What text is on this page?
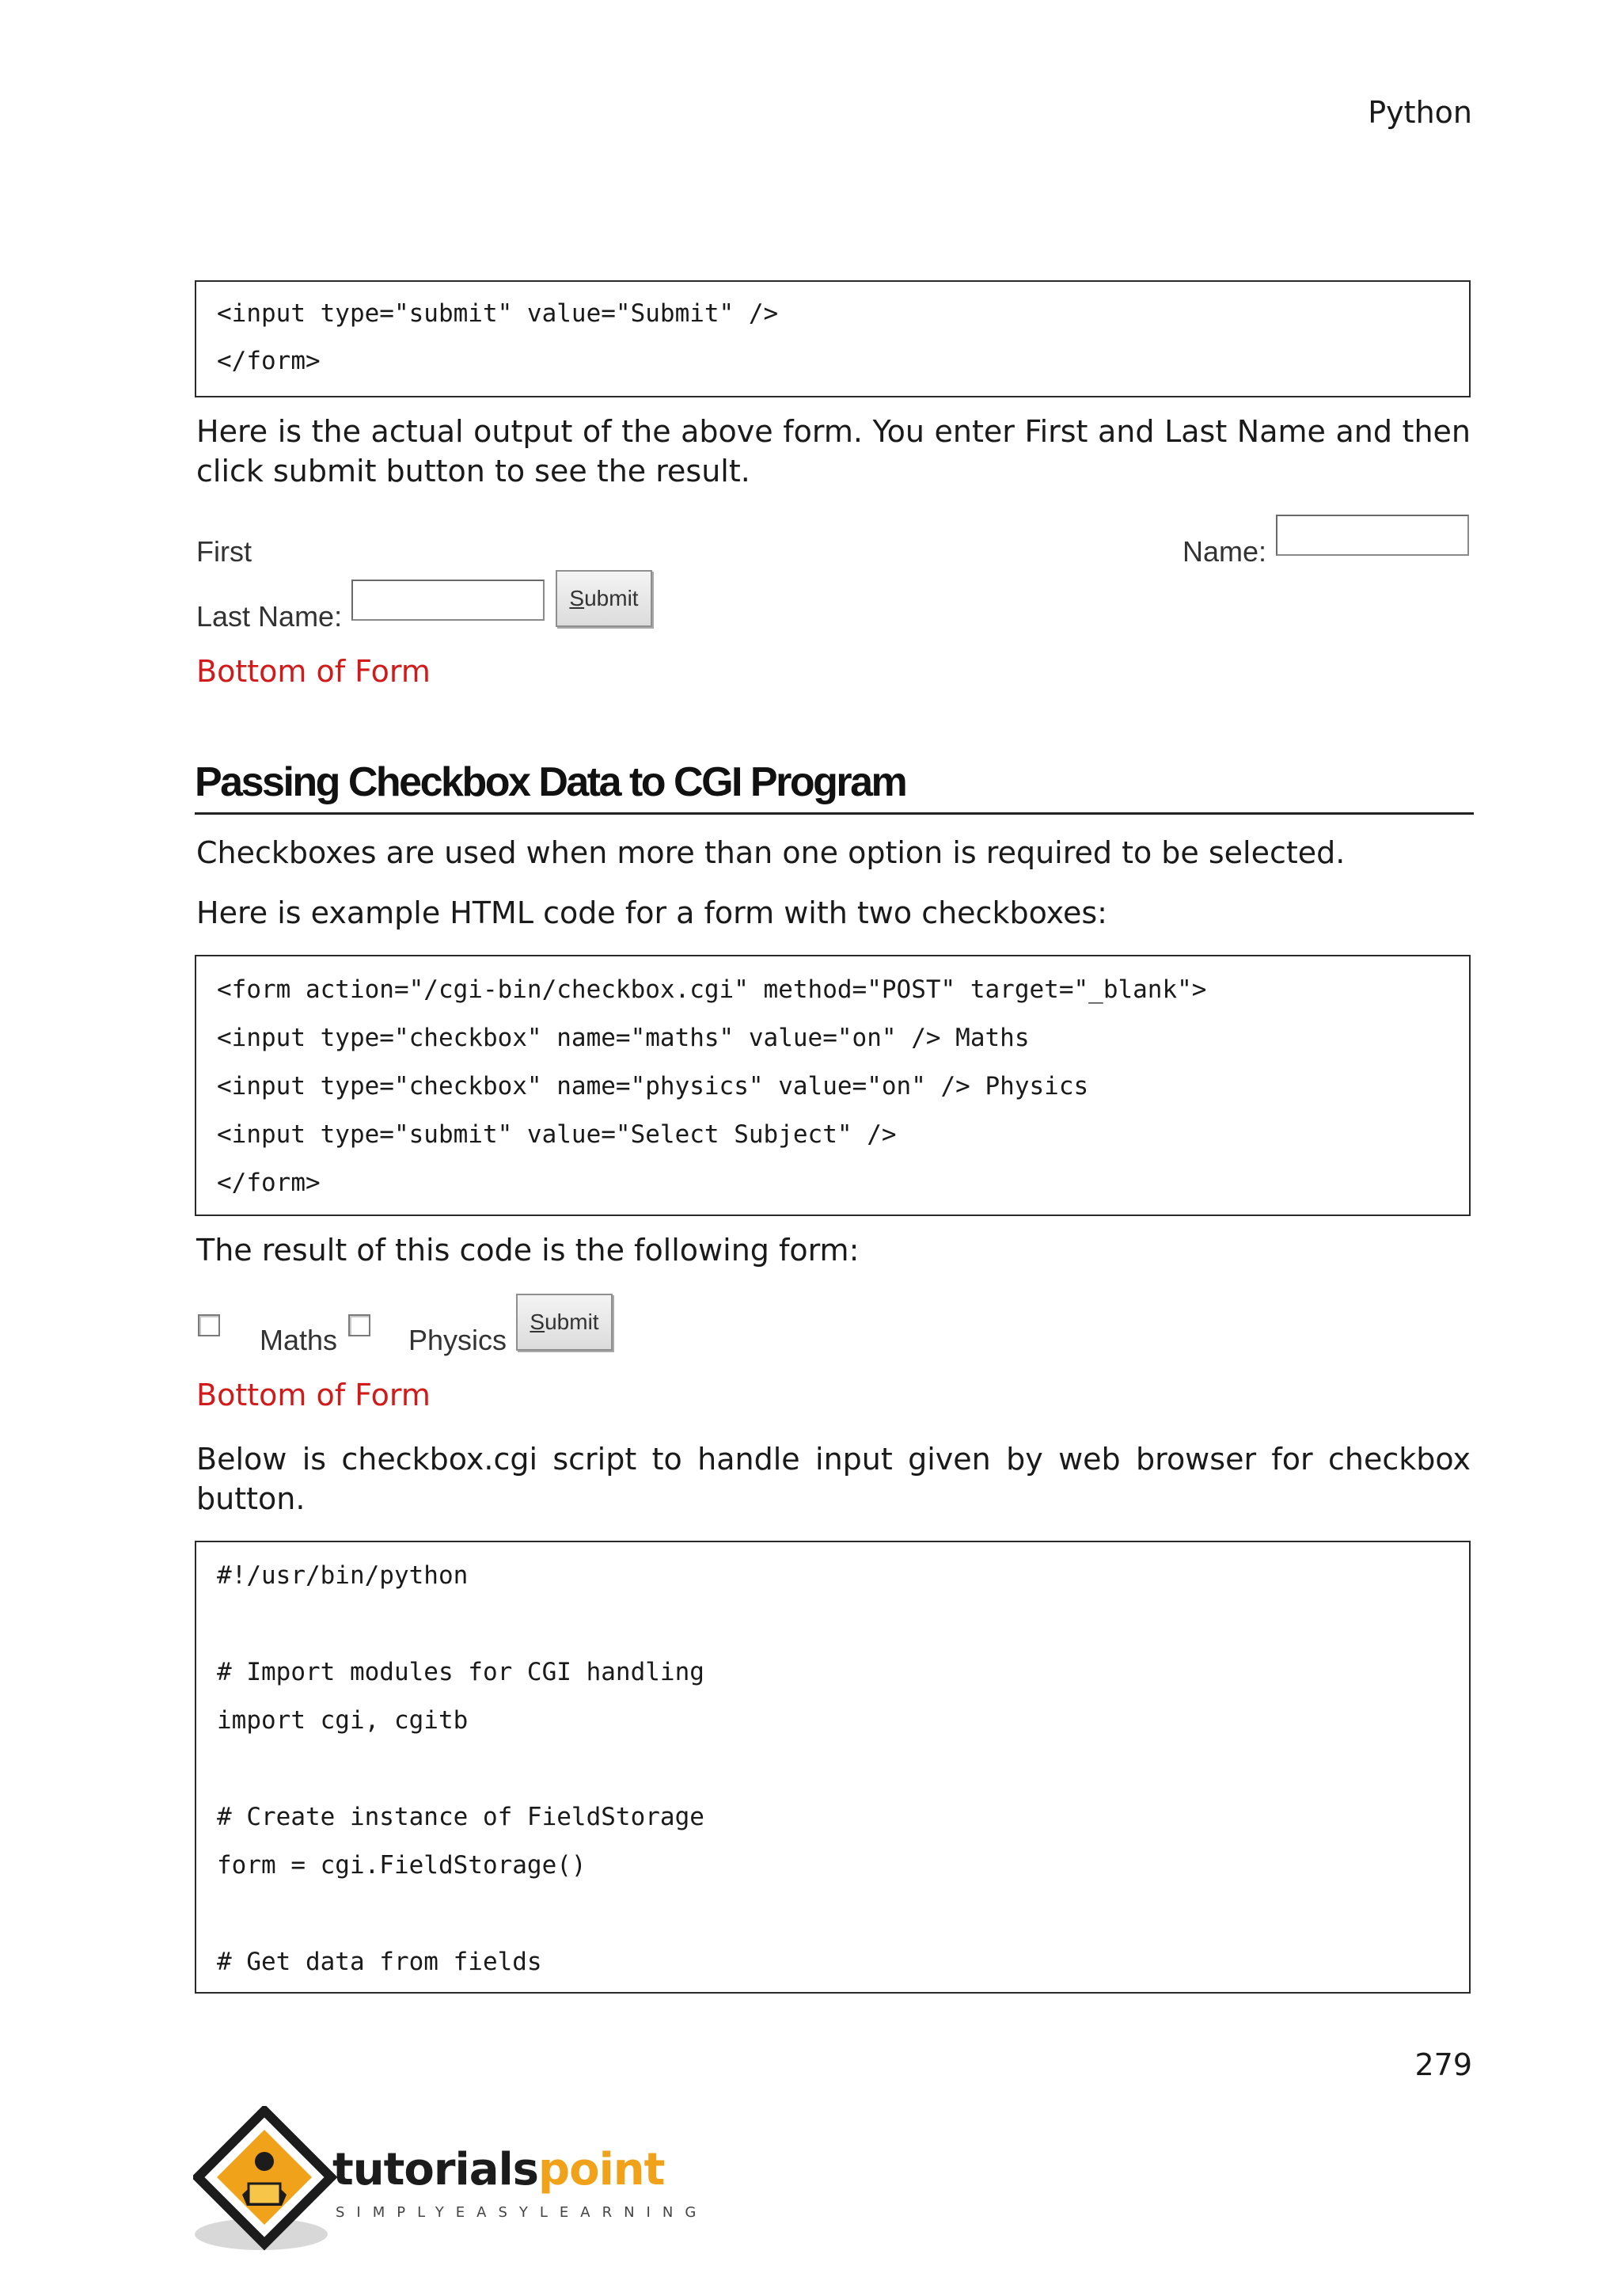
Python
<input type="submit" value="Submit" />
</form>
Here is the actual output of the above form. You enter First and Last Name and then click submit button to see the result.
First	Name:
Last Name:
S ubmit
Bottom of Form
Passing Checkbox Data to CGI Program
Checkboxes are used when more than one option is required to be selected.
Here is example HTML code for a form with two checkboxes:
<form action="/cgi-bin/checkbox.cgi" method="POST" target="_blank">
<input type="checkbox" name="maths" value="on" /> Maths
<input type="checkbox" name="physics" value="on" /> Physics
<input type="submit" value="Select Subject" />
</form>
The result of this code is the following form:
Maths Physics
S ubmit
Bottom of Form
Below is checkbox.cgi script to handle input given by web browser for checkbox button.
#!/usr/bin/python
# Import modules for CGI handling
import cgi, cgitb
# Create instance of FieldStorage
form = cgi.FieldStorage()
# Get data from fields
279
tutorialspoint
SIMPLYEASYLEARNING
